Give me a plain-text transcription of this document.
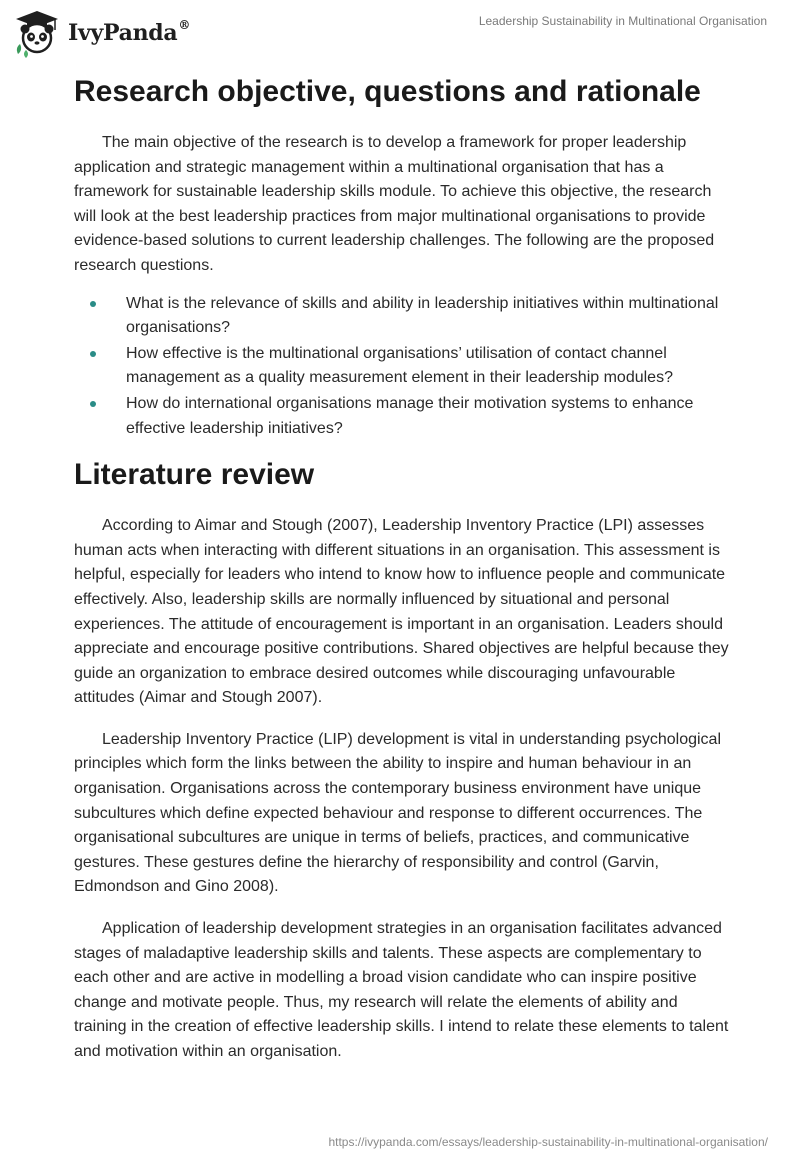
IvyPanda®	Leadership Sustainability in Multinational Organisation
Research objective, questions and rationale

The main objective of the research is to develop a framework for proper leadership application and strategic management within a multinational organisation that has a framework for sustainable leadership skills module. To achieve this objective, the research will look at the best leadership practices from major multinational organisations to provide evidence-based solutions to current leadership challenges. The following are the proposed research questions.

What is the relevance of skills and ability in leadership initiatives within multinational organisations?
How effective is the multinational organisations’ utilisation of contact channel management as a quality measurement element in their leadership modules?
How do international organisations manage their motivation systems to enhance effective leadership initiatives?
Literature review

According to Aimar and Stough (2007), Leadership Inventory Practice (LPI) assesses human acts when interacting with different situations in an organisation. This assessment is helpful, especially for leaders who intend to know how to influence people and communicate effectively. Also, leadership skills are normally influenced by situational and personal experiences. The attitude of encouragement is important in an organisation. Leaders should appreciate and encourage positive contributions. Shared objectives are helpful because they guide an organization to embrace desired outcomes while discouraging unfavourable attitudes (Aimar and Stough 2007).

Leadership Inventory Practice (LIP) development is vital in understanding psychological principles which form the links between the ability to inspire and human behaviour in an organisation. Organisations across the contemporary business environment have unique subcultures which define expected behaviour and response to different occurrences. The organisational subcultures are unique in terms of beliefs, practices, and communicative gestures. These gestures define the hierarchy of responsibility and control (Garvin, Edmondson and Gino 2008).

Application of leadership development strategies in an organisation facilitates advanced stages of maladaptive leadership skills and talents. These aspects are complementary to each other and are active in modelling a broad vision candidate who can inspire positive change and motivate people. Thus, my research will relate the elements of ability and training in the creation of effective leadership skills. I intend to relate these elements to talent and motivation within an organisation.

https://ivypanda.com/essays/leadership-sustainability-in-multinational-organisation/
